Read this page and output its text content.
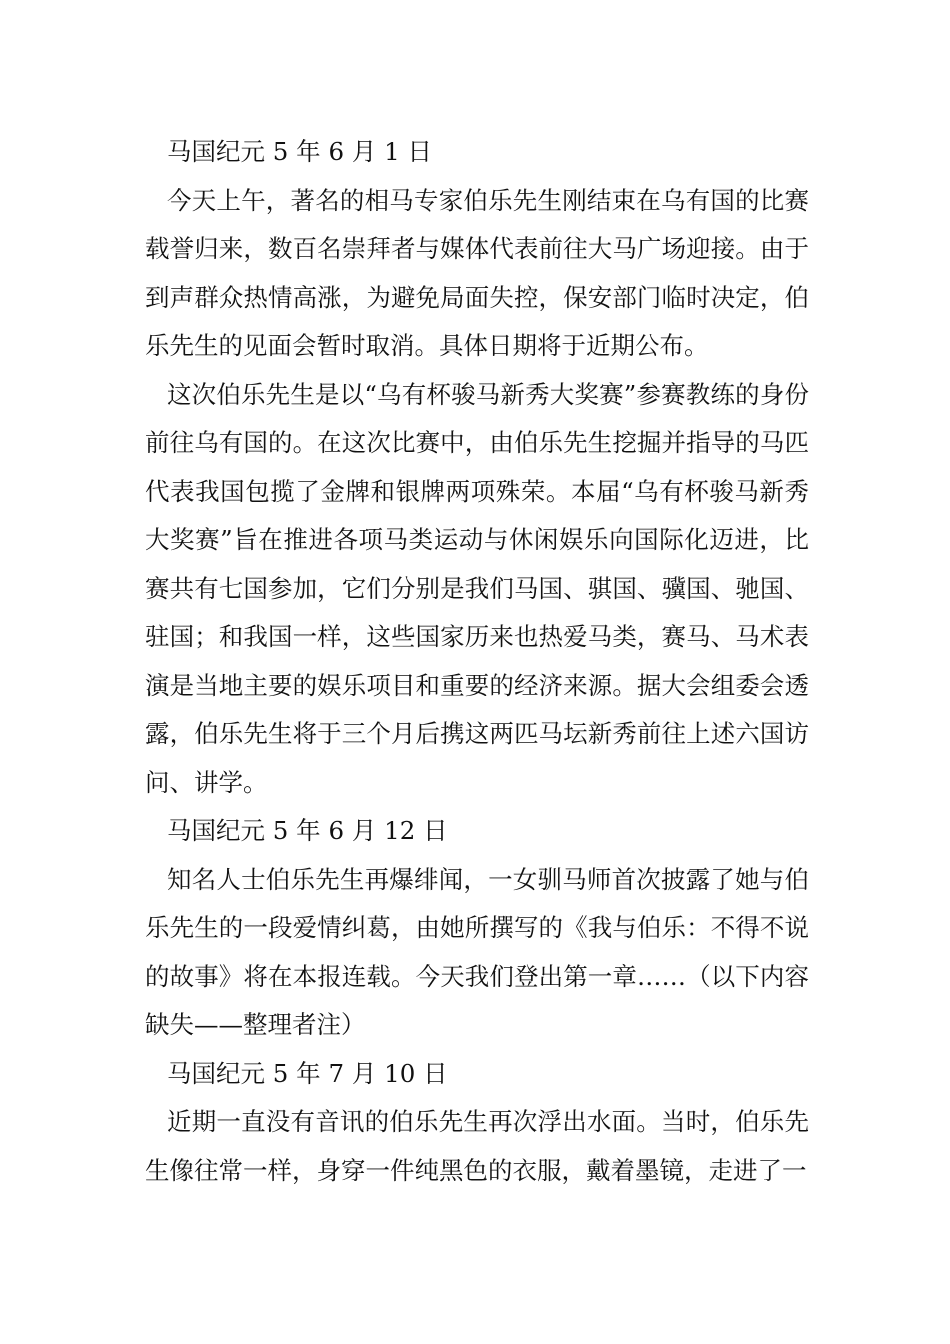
马国纪元 5 年 6 月 1 日

今天上午，著名的相马专家伯乐先生刚结束在乌有国的比赛载誉归来，数百名崇拜者与媒体代表前往大马广场迎接。由于到声群众热情高涨，为避免局面失控，保安部门临时决定，伯乐先生的见面会暂时取消。具体日期将于近期公布。

这次伯乐先生是以“乌有杯骏马新秀大奖赛”参赛教练的身份前往乌有国的。在这次比赛中，由伯乐先生挖掘并指导的马匹代表我国包揽了金牌和银牌两项殊荣。本届“乌有杯骏马新秀大奖赛”旨在推进各项马类运动与休闲娱乐向国际化迈进，比赛共有七国参加，它们分别是我们马国、骐国、骥国、驰国、驻国；和我国一样，这些国家历来也热爱马类，赛马、马术表演是当地主要的娱乐项目和重要的经济来源。据大会组委会透露，伯乐先生将于三个月后携这两匹马坛新秀前往上述六国访问、讲学。

马国纪元 5 年 6 月 12 日

知名人士伯乐先生再爆绯闻，一女驯马师首次披露了她与伯乐先生的一段爱情纠葛，由她所撰写的《我与伯乐：不得不说的故事》将在本报连载。今天我们登出第一章……（以下内容缺失——整理者注）

马国纪元 5 年 7 月 10 日

近期一直没有音讯的伯乐先生再次浮出水面。当时，伯乐先生像往常一样，身穿一件纯黑色的衣服，戴着墨镜，走进了一
